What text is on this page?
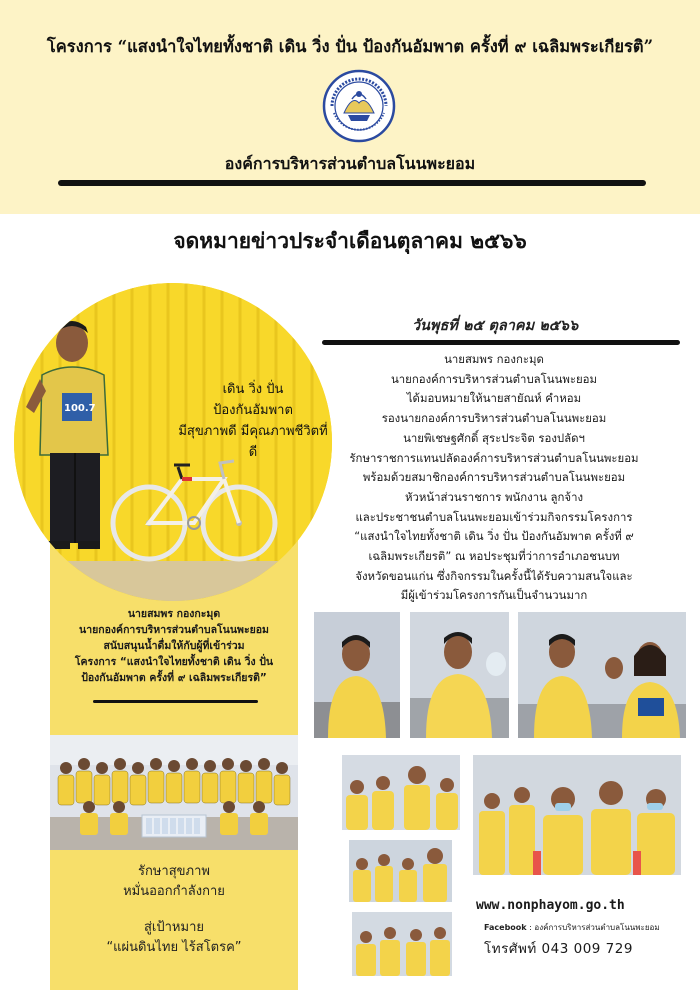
โครงการ “แสงนำใจไทยทั้งชาติ เดิน วิ่ง ปั่น ป้องกันอัมพาต ครั้งที่ ๙ เฉลิมพระเกียรติ”
องค์การบริหารส่วนตำบลโนนพะยอม
จดหมายข่าวประจำเดือนตุลาคม ๒๕๖๖
100.7
เดิน วิ่ง ปั่น
ป้องกันอัมพาต
มีสุขภาพดี มีคุณภาพชีวิตที่ดี
นายสมพร กองกะมุด
นายกองค์การบริหารส่วนตำบลโนนพะยอม
สนับสนุนน้ำดื่มให้กับผู้ที่เข้าร่วม
โครงการ “แสงนำใจไทยทั้งชาติ เดิน วิ่ง ปั่น
ป้องกันอัมพาต ครั้งที่ ๙ เฉลิมพระเกียรติ”
รักษาสุขภาพ
หมั่นออกกำลังกาย
สู่เป้าหมาย
“แผ่นดินไทย ไร้สโตรค”
วันพุธที่ ๒๕ ตุลาคม ๒๕๖๖
นายสมพร กองกะมุด
นายกองค์การบริหารส่วนตำบลโนนพะยอม
ได้มอบหมายให้นายสายัณห์ คำหอม
รองนายกองค์การบริหารส่วนตำบลโนนพะยอม
นายพิเชษฐศักดิ์ สุระประจิต รองปลัดฯ
รักษาราชการแทนปลัดองค์การบริหารส่วนตำบลโนนพะยอม
พร้อมด้วยสมาชิกองค์การบริหารส่วนตำบลโนนพะยอม
หัวหน้าส่วนราชการ พนักงาน ลูกจ้าง
และประชาชนตำบลโนนพะยอมเข้าร่วมกิจกรรมโครงการ
“แสงนำใจไทยทั้งชาติ เดิน วิ่ง ปั่น ป้องกันอัมพาต ครั้งที่ ๙
เฉลิมพระเกียรติ” ณ หอประชุมที่ว่าการอำเภอชนบท
จังหวัดขอนแก่น ซึ่งกิจกรรมในครั้งนี้ได้รับความสนใจและ
มีผู้เข้าร่วมโครงการกันเป็นจำนวนมาก
www.nonphayom.go.th
Facebook : องค์การบริหารส่วนตำบลโนนพะยอม
โทรศัพท์ 043 009 729
